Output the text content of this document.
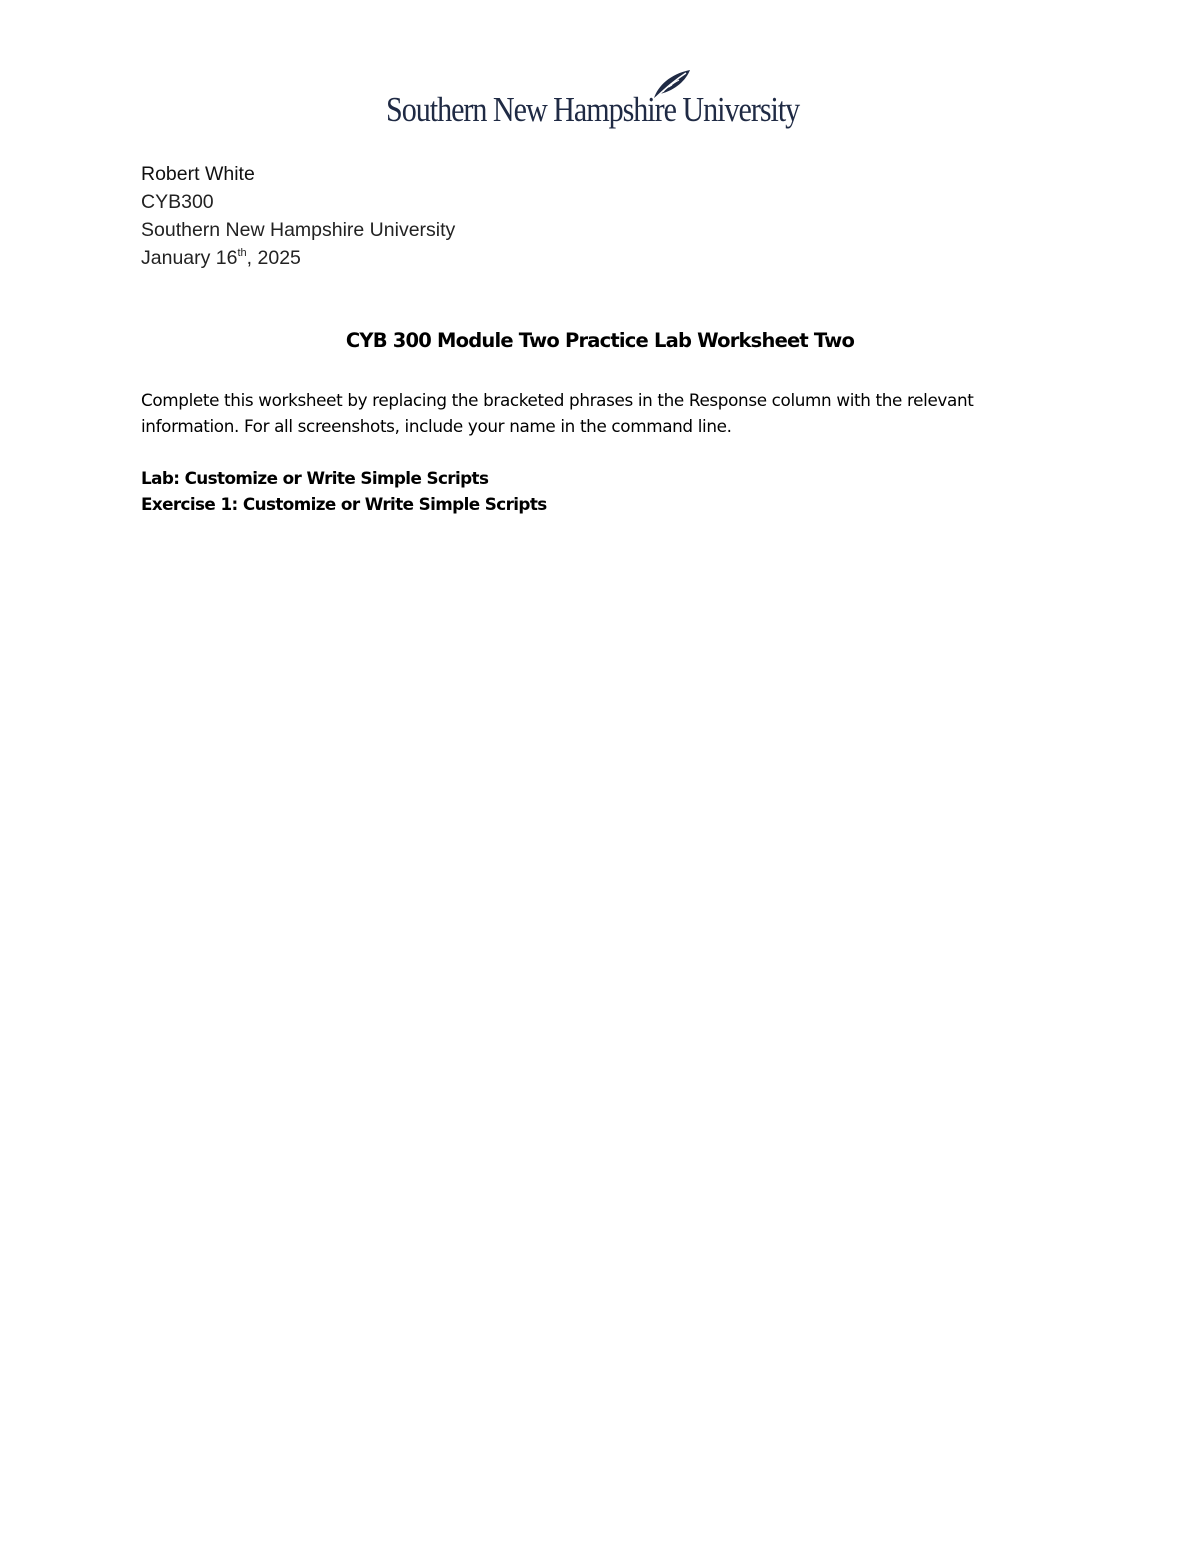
Southern New Hampshire University
Robert White
CYB300
Southern New Hampshire University
January 16th, 2025
CYB 300 Module Two Practice Lab Worksheet Two
Complete this worksheet by replacing the bracketed phrases in the Response column with the relevant
information. For all screenshots, include your name in the command line.
Lab: Customize or Write Simple Scripts
Exercise 1: Customize or Write Simple Scripts
